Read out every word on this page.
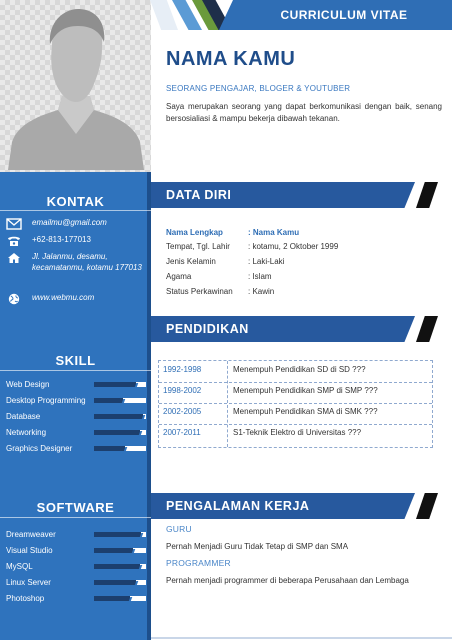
KONTAK
emailmu@gmail.com
+62-813-177013
Jl. Jalanmu, desamu, kecamatanmu, kotamu 177013
www.webmu.com
SKILL
Web Design
Desktop Programming
Database
Networking
Graphics Designer
SOFTWARE
Dreamweaver
Visual Studio
MySQL
Linux Server
Photoshop
CURRICULUM VITAE
NAMA KAMU
SEORANG PENGAJAR, BLOGER & YOUTUBER
Saya merupakan seorang yang dapat berkomunikasi dengan baik, senang bersosialiasi & mampu bekerja dibawah tekanan.
DATA DIRI
Nama Lengkap	: Nama Kamu
Tempat, Tgl. Lahir : kotamu, 2 Oktober 1999
Jenis Kelamin	: Laki-Laki
Agama	: Islam
Status Perkawinan : Kawin
PENDIDIKAN
1992-1998	Menempuh Pendidikan SD di SD ???
1998-2002	Menempuh Pendidikan SMP di SMP ???
2002-2005	Menempuh Pendidikan SMA di SMK ???
2007-2011	S1-Teknik Elektro di Universitas ???
PENGALAMAN KERJA
GURU
Pernah Menjadi Guru Tidak Tetap di SMP dan SMA
PROGRAMMER
Pernah menjadi programmer di beberapa Perusahaan dan Lembaga
